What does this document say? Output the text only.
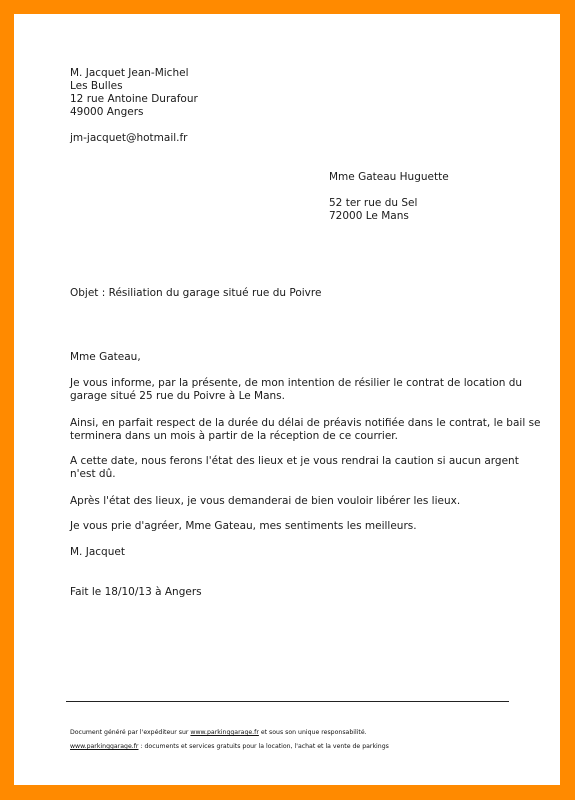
M. Jacquet Jean-Michel
Les Bulles
12 rue Antoine Durafour
49000 Angers
jm-jacquet@hotmail.fr
Mme Gateau Huguette
52 ter rue du Sel
72000 Le Mans
Objet : Résiliation du garage situé rue du Poivre
Mme Gateau,
Je vous informe, par la présente, de mon intention de résilier le contrat de location du
garage situé 25 rue du Poivre à Le Mans.
Ainsi, en parfait respect de la durée du délai de préavis notifiée dans le contrat, le bail se
terminera dans un mois à partir de la réception de ce courrier.
A cette date, nous ferons l'état des lieux et je vous rendrai la caution si aucun argent
n'est dû.
Après l'état des lieux, je vous demanderai de bien vouloir libérer les lieux.
Je vous prie d'agréer, Mme Gateau, mes sentiments les meilleurs.
M. Jacquet
Fait le 18/10/13 à Angers
Document généré par l'expéditeur sur www.parkinggarage.fr et sous son unique responsabilité.
www.parkinggarage.fr : documents et services gratuits pour la location, l'achat et la vente de parkings
